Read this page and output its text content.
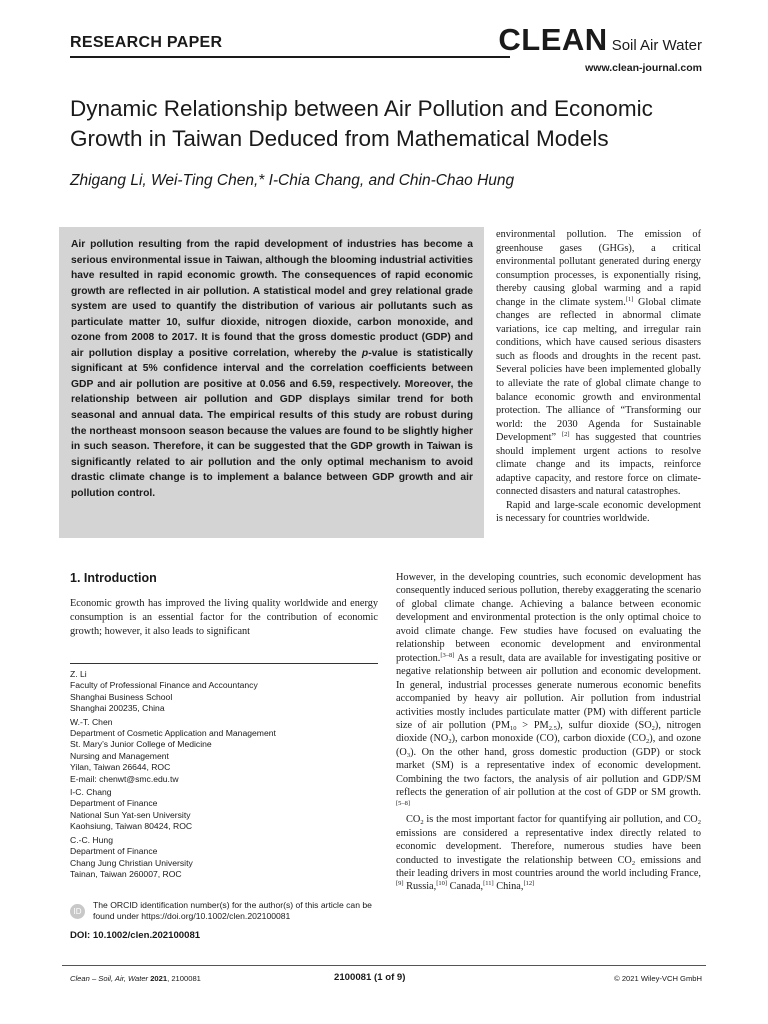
RESEARCH PAPER	CLEAN Soil Air Water
www.clean-journal.com
Dynamic Relationship between Air Pollution and Economic Growth in Taiwan Deduced from Mathematical Models
Zhigang Li, Wei-Ting Chen,* I-Chia Chang, and Chin-Chao Hung

Air pollution resulting from the rapid development of industries has become a serious environmental issue in Taiwan, although the blooming industrial activities have resulted in rapid economic growth. The consequences of rapid economic growth are reflected in air pollution. A statistical model and grey relational grade system are used to quantify the distribution of various air pollutants such as particulate matter 10, sulfur dioxide, nitrogen dioxide, carbon monoxide, and ozone from 2008 to 2017. It is found that the gross domestic product (GDP) and air pollution display a positive correlation, whereby the p-value is statistically significant at 5% confidence interval and the correlation coefficients between GDP and air pollution are positive at 0.056 and 6.59, respectively. Moreover, the relationship between air pollution and GDP displays similar trend for both seasonal and annual data. The empirical results of this study are robust during the northeast monsoon season because the values are found to be slightly higher in such season. Therefore, it can be suggested that the GDP growth in Taiwan is significantly related to air pollution and the only optimal mechanism to avoid drastic climate change is to implement a balance between GDP growth and air pollution control.

environmental pollution. The emission of greenhouse gases (GHGs), a critical environmental pollutant generated during energy consumption processes, is exponentially rising, thereby causing global warming and a rapid change in the climate system.[1] Global climate changes are reflected in abnormal climate variations, ice cap melting, and irregular rain conditions, which have caused serious disasters such as floods and droughts in the recent past. Several policies have been implemented globally to alleviate the rate of global climate change to balance economic growth and environmental protection. The alliance of “Transforming our world: the 2030 Agenda for Sustainable Development” [2] has suggested that countries should implement urgent actions to resolve climate change and its impacts, reinforce adaptive capacity, and restore force on climate-connected disasters and natural catastrophes.

Rapid and large-scale economic development is necessary for countries worldwide.

However, in the developing countries, such economic development has consequently induced serious pollution, thereby exaggerating the scenario of global climate change. Achieving a balance between economic development and environmental protection is the only optimal choice to avoid climate change. Few studies have focused on evaluating the relationship between economic development and environmental protection.[3–8] As a result, data are available for investigating positive or negative relationship between air pollution and economic development. In general, industrial processes generate numerous economic benefits accompanied by heavy air pollution. Air pollution from industrial activities mostly includes particulate matter (PM) with different particle size of air pollution $(PM_{10} > PM_{2.5})$, sulfur dioxide $(SO_2)$, nitrogen dioxide $(NO_2)$, carbon monoxide (CO), carbon dioxide $(CO_2)$, and ozone $(O_3)$. On the other hand, gross domestic production (GDP) or stock market (SM) is a representative index of economic development. Combining the two factors, the analysis of air pollution and GDP/SM reflects the generation of air pollution at the cost of GDP or SM growth.[5–8]

$CO_2$ is the most important factor for quantifying air pollution, and $CO_2$ emissions are considered a representative index directly related to economic development. Therefore, numerous studies have been conducted to investigate the relationship between $CO_2$ emissions and their leading drivers in most countries around the world including France,[9] Russia,[10] Canada,[11] China,[12]

1. Introduction

Economic growth has improved the living quality worldwide and energy consumption is an essential factor for the contribution of economic growth; however, it also leads to significant

Z. Li
Faculty of Professional Finance and Accountancy
Shanghai Business School
Shanghai 200235, China
W.-T. Chen
Department of Cosmetic Application and Management
St. Mary’s Junior College of Medicine
Nursing and Management
Yilan, Taiwan 26644, ROC
E-mail: chenwt@smc.edu.tw
I-C. Chang
Department of Finance
National Sun Yat-sen University
Kaohsiung, Taiwan 80424, ROC
C.-C. Hung
Department of Finance
Chang Jung Christian University
Tainan, Taiwan 260007, ROC
ID
The ORCID identification number(s) for the author(s) of this article can be found under https://doi.org/10.1002/clen.202100081
DOI: 10.1002/clen.202100081
Clean – Soil, Air, Water 2021, 2100081	2100081 (1 of 9)	© 2021 Wiley-VCH GmbH
